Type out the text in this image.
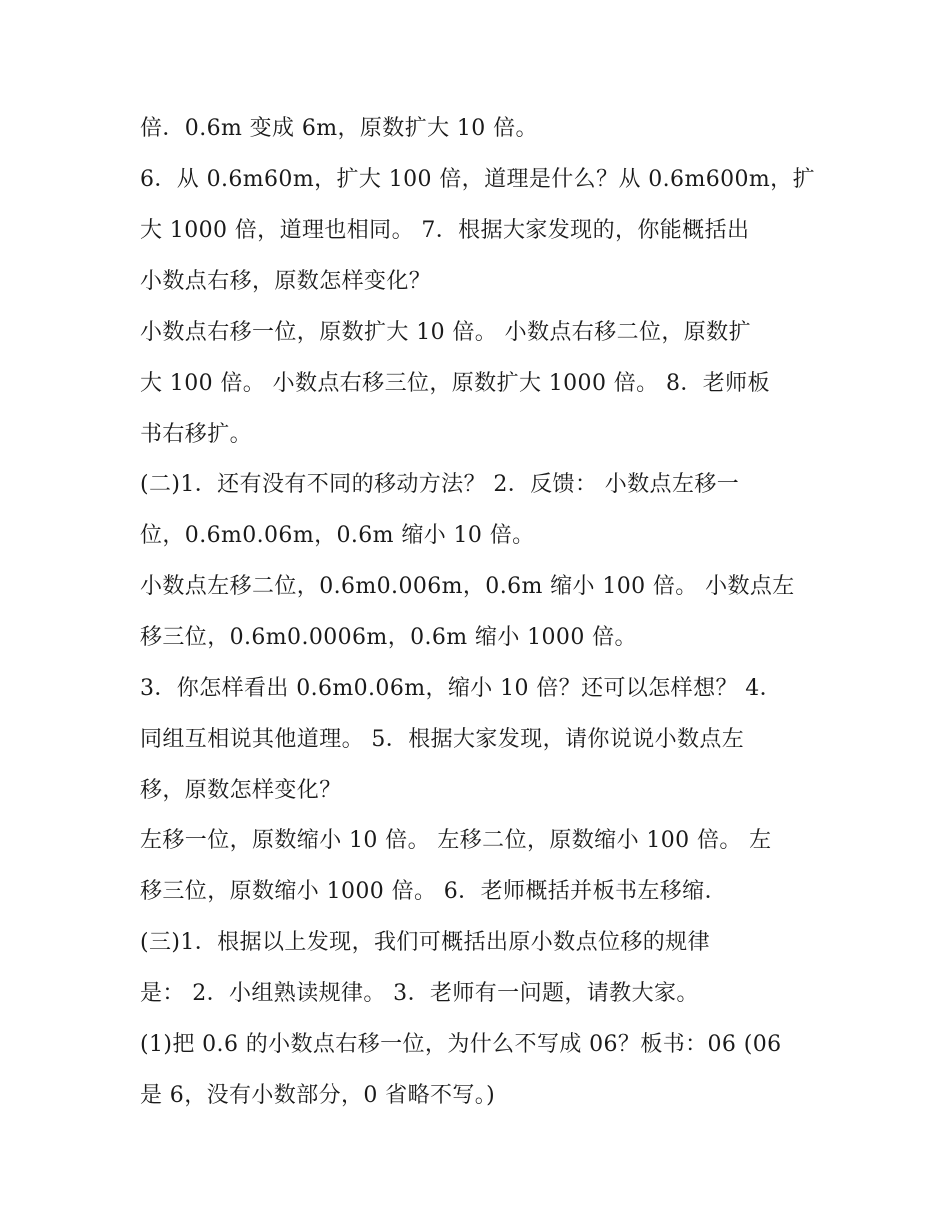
倍．0.6m 变成 6m，原数扩大 10 倍。
6．从 0.6m60m，扩大 100 倍，道理是什么？从 0.6m600m，扩
大 1000 倍，道理也相同。 7．根据大家发现的，你能概括出
小数点右移，原数怎样变化？
小数点右移一位，原数扩大 10 倍。 小数点右移二位，原数扩
大 100 倍。 小数点右移三位，原数扩大 1000 倍。 8．老师板
书右移扩。
(二)1．还有没有不同的移动方法？ 2．反馈： 小数点左移一
位，0.6m0.06m，0.6m 缩小 10 倍。
小数点左移二位，0.6m0.006m，0.6m 缩小 100 倍。 小数点左
移三位，0.6m0.0006m，0.6m 缩小 1000 倍。
3．你怎样看出 0.6m0.06m，缩小 10 倍？还可以怎样想？ 4．
同组互相说其他道理。 5．根据大家发现，请你说说小数点左
移，原数怎样变化？
左移一位，原数缩小 10 倍。 左移二位，原数缩小 100 倍。 左
移三位，原数缩小 1000 倍。 6．老师概括并板书左移缩．
(三)1．根据以上发现，我们可概括出原小数点位移的规律
是： 2．小组熟读规律。 3．老师有一问题，请教大家。
(1)把 0.6 的小数点右移一位，为什么不写成 06？板书：06 (06
是 6，没有小数部分，0 省略不写。)
